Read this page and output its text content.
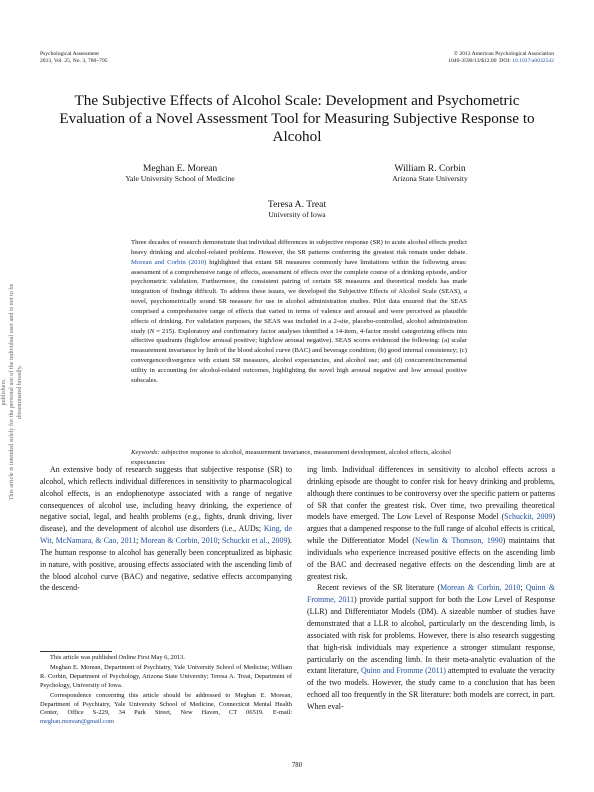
Psychological Assessment
2013, Vol. 25, No. 3, 780–795
© 2013 American Psychological Association
1040-3590/13/$12.00 DOI: 10.1037/a0032542
publishers. This article is intended solely for the personal use of the individual user and is not to be disseminated broadly.
The Subjective Effects of Alcohol Scale: Development and Psychometric Evaluation of a Novel Assessment Tool for Measuring Subjective Response to Alcohol
Meghan E. Morean
Yale University School of Medicine
William R. Corbin
Arizona State University
Teresa A. Treat
University of Iowa
Three decades of research demonstrate that individual differences in subjective response (SR) to acute alcohol effects predict heavy drinking and alcohol-related problems. However, the SR patterns conferring the greatest risk remain under debate. Morean and Corbin (2010) highlighted that extant SR measures commonly have limitations within the following areas: assessment of a comprehensive range of effects, assessment of effects over the complete course of a drinking episode, and/or psychometric validation. Furthermore, the consistent pairing of certain SR measures and theoretical models has made integration of findings difficult. To address these issues, we developed the Subjective Effects of Alcohol Scale (SEAS), a novel, psychometrically sound SR measure for use in alcohol administration studies. Pilot data ensured that the SEAS comprised a comprehensive range of effects that varied in terms of valence and arousal and were perceived as plausible effects of drinking. For validation purposes, the SEAS was included in a 2-site, placebo-controlled, alcohol administration study (N = 215). Exploratory and confirmatory factor analyses identified a 14-item, 4-factor model categorizing effects into affective quadrants (high/low arousal positive; high/low arousal negative). SEAS scores evidenced the following: (a) scalar measurement invariance by limb of the blood alcohol curve (BAC) and beverage condition; (b) good internal consistency; (c) convergence/divergence with extant SR measures, alcohol expectancies, and alcohol use; and (d) concurrent/incremental utility in accounting for alcohol-related outcomes, highlighting the novel high arousal negative and low arousal positive subscales.
Keywords: subjective response to alcohol, measurement invariance, measurement development, alcohol effects, alcohol expectancies

An extensive body of research suggests that subjective response (SR) to alcohol, which reflects individual differences in sensitivity to pharmacological alcohol effects, is an endophenotype associated with a range of negative consequences of alcohol use, including heavy drinking, the experience of negative social, legal, and health problems (e.g., fights, drunk driving, liver disease), and the development of alcohol use disorders (i.e., AUDs; King, de Wit, McNamara, & Cao, 2011; Morean & Corbin, 2010; Schuckit et al., 2009). The human response to alcohol has generally been conceptualized as biphasic in nature, with positive, arousing effects associated with the ascending limb of the blood alcohol curve (BAC) and negative, sedative effects accompanying the descend-

ing limb. Individual differences in sensitivity to alcohol effects across a drinking episode are thought to confer risk for heavy drinking and problems, although there continues to be controversy over the specific pattern or patterns of SR that confer the greatest risk. Over time, two prevailing theoretical models have emerged. The Low Level of Response Model (Schuckit, 2009) argues that a dampened response to the full range of alcohol effects is critical, while the Differentiator Model (Newlin & Thomson, 1990) maintains that individuals who experience increased positive effects on the ascending limb of the BAC and decreased negative effects on the descending limb are at greatest risk.

Recent reviews of the SR literature (Morean & Corbin, 2010; Quinn & Fromme, 2011) provide partial support for both the Low Level of Response (LLR) and Differentiator Models (DM). A sizeable number of studies have demonstrated that a LLR to alcohol, particularly on the descending limb, is associated with risk for problems. However, there is also research suggesting that high-risk individuals may experience a stronger stimulant response, particularly on the ascending limb. In their meta-analytic evaluation of the extant literature, Quinn and Fromme (2011) attempted to evaluate the veracity of the two models. However, the study came to a conclusion that has been echoed all too frequently in the SR literature: both models are correct, in part. When eval-

This article was published Online First May 6, 2013.

Meghan E. Morean, Department of Psychiatry, Yale University School of Medicine; William R. Corbin, Department of Psychology, Arizona State University; Teresa A. Treat, Department of Psychology, University of Iowa.

Correspondence concerning this article should be addressed to Meghan E. Morean, Department of Psychiatry, Yale University School of Medicine, Connecticut Mental Health Center, Office S-229, 34 Park Street, New Haven, CT 06519. E-mail: meghan.morean@gmail.com

780
